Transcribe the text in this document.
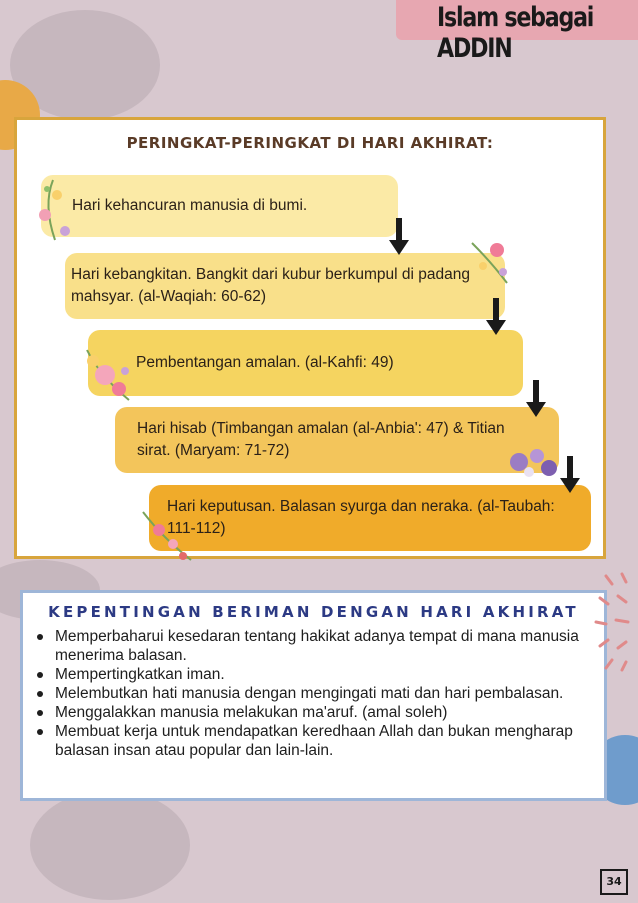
Islam sebagai ADDIN
PERINGKAT-PERINGKAT DI HARI AKHIRAT:
Hari kehancuran manusia di bumi.
Hari kebangkitan. Bangkit dari kubur berkumpul di padang mahsyar. (al-Waqiah: 60-62)
Pembentangan amalan. (al-Kahfi: 49)
Hari hisab (Timbangan amalan (al-Anbia': 47) & Titian sirat. (Maryam: 71-72)
Hari keputusan. Balasan syurga dan neraka. (al-Taubah: 111-112)
KEPENTINGAN BERIMAN DENGAN HARI AKHIRAT
Memperbaharui kesedaran tentang hakikat adanya tempat di mana manusia menerima balasan.
Mempertingkatkan iman.
Melembutkan hati manusia dengan mengingati mati dan hari pembalasan.
Menggalakkan manusia melakukan ma'aruf. (amal soleh)
Membuat kerja untuk mendapatkan keredhaan Allah dan bukan mengharap balasan insan atau popular dan lain-lain.
34
